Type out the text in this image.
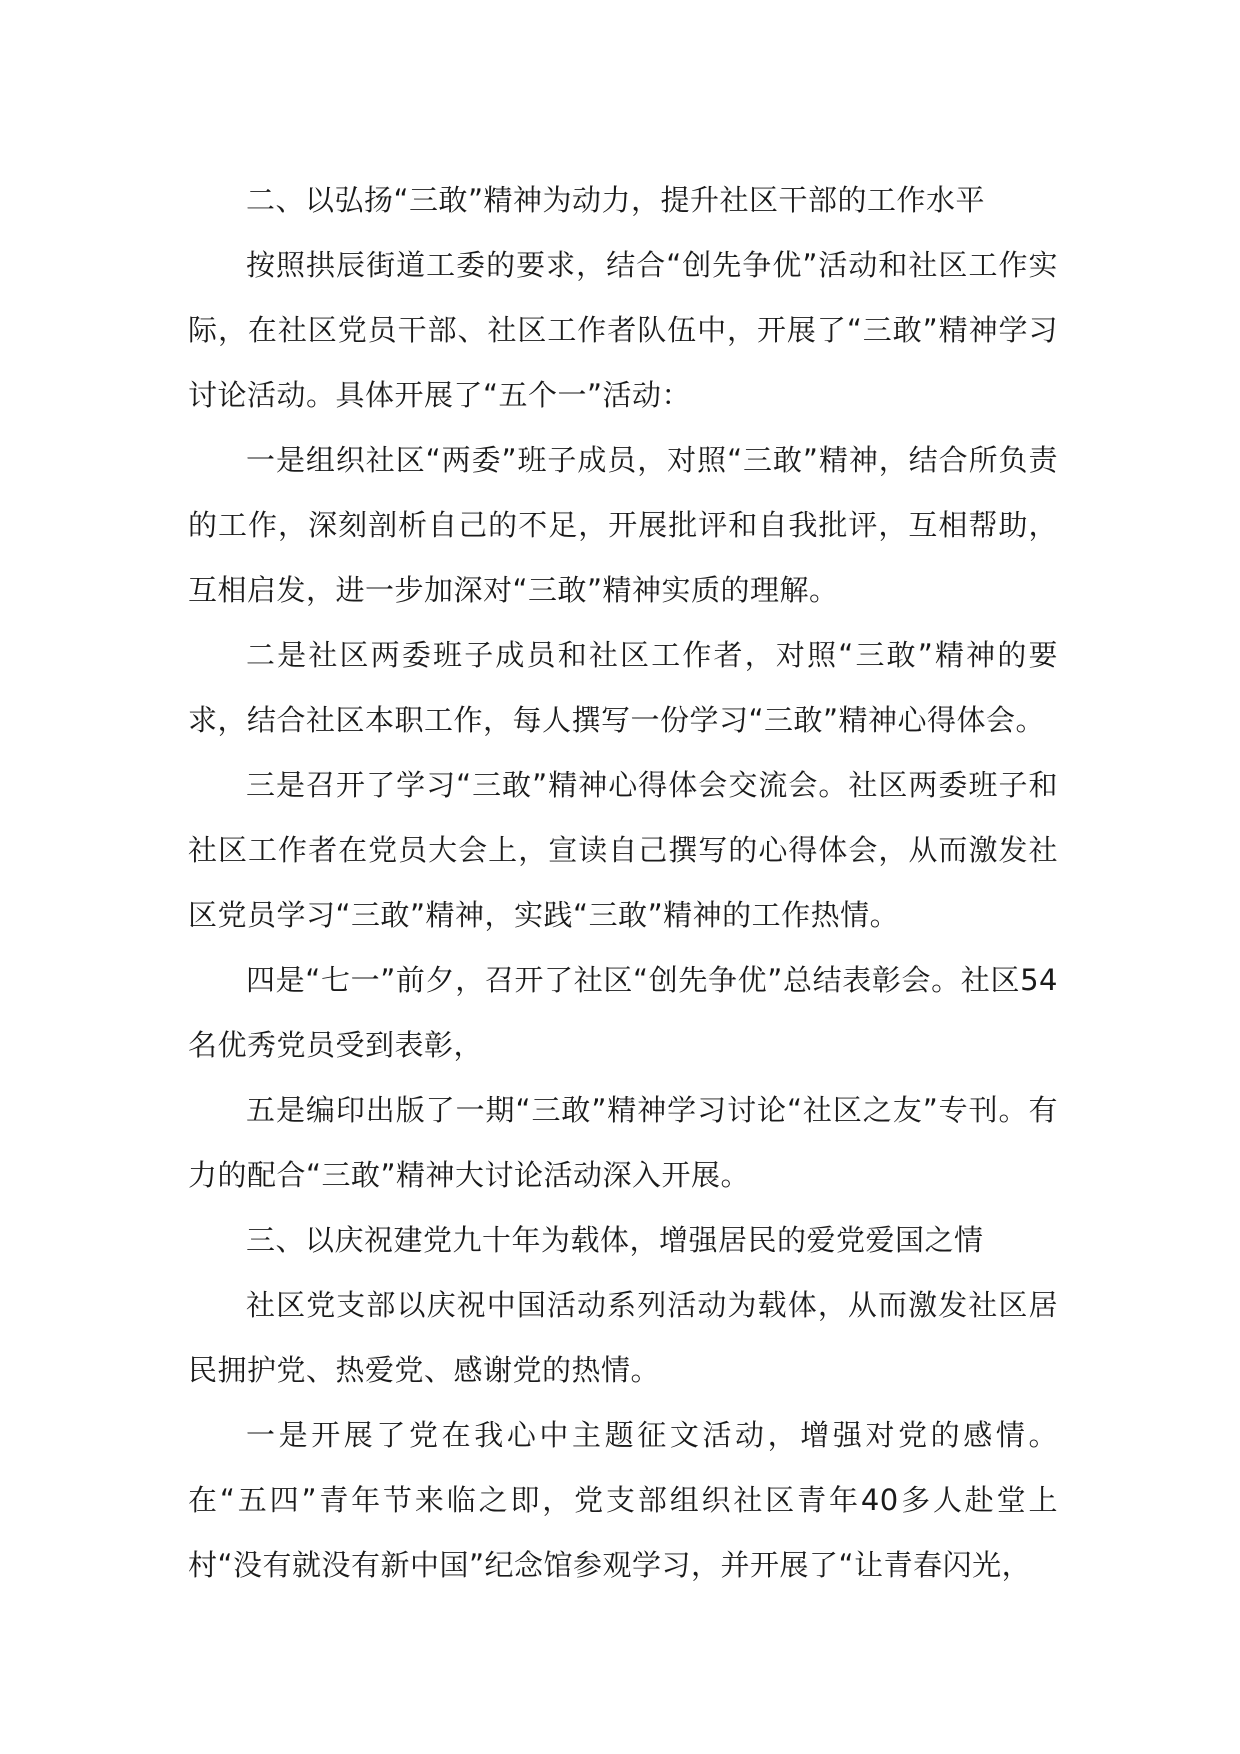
二、以弘扬“三敢”精神为动力，提升社区干部的工作水平

按照拱辰街道工委的要求，结合“创先争优”活动和社区工作实际，在社区党员干部、社区工作者队伍中，开展了“三敢”精神学习讨论活动。具体开展了“五个一”活动：

一是组织社区“两委”班子成员，对照“三敢”精神，结合所负责的工作，深刻剖析自己的不足，开展批评和自我批评，互相帮助，互相启发，进一步加深对“三敢”精神实质的理解。

二是社区两委班子成员和社区工作者，对照“三敢”精神的要求，结合社区本职工作，每人撰写一份学习“三敢”精神心得体会。

三是召开了学习“三敢”精神心得体会交流会。社区两委班子和社区工作者在党员大会上，宣读自己撰写的心得体会，从而激发社区党员学习“三敢”精神，实践“三敢”精神的工作热情。

四是“七一”前夕，召开了社区“创先争优”总结表彰会。社区54名优秀党员受到表彰，

五是编印出版了一期“三敢”精神学习讨论“社区之友”专刊。有力的配合“三敢”精神大讨论活动深入开展。

三、以庆祝建党九十年为载体，增强居民的爱党爱国之情

社区党支部以庆祝中国活动系列活动为载体，从而激发社区居民拥护党、热爱党、感谢党的热情。

一是开展了党在我心中主题征文活动，增强对党的感情。在“五四”青年节来临之即，党支部组织社区青年40多人赴堂上村“没有就没有新中国”纪念馆参观学习，并开展了“让青春闪光，
